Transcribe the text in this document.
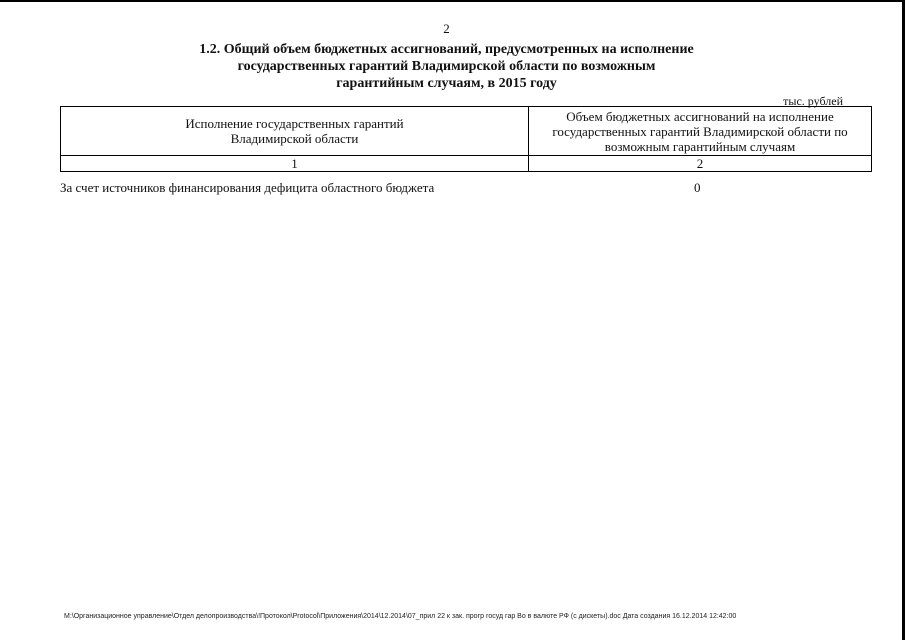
2
1.2. Общий объем бюджетных ассигнований, предусмотренных на исполнение
государственных гарантий Владимирской области по возможным
гарантийным случаям, в 2015 году
тыс. рублей
Исполнение государственных гарантий
Владимирской области	Объем бюджетных ассигнований на исполнение
государственных гарантий Владимирской области по
возможным гарантийным случаям

1	2
За счет источников финансирования дефицита областного бюджета	0
M:\Организационное управление\Отдел делопроизводства\!Протокол\Protocol\Приложения\2014\12.2014\07_прил 22 к зак. прогр госуд гар Во в валюте РФ (с дискеты).doc Дата создания 16.12.2014 12:42:00
